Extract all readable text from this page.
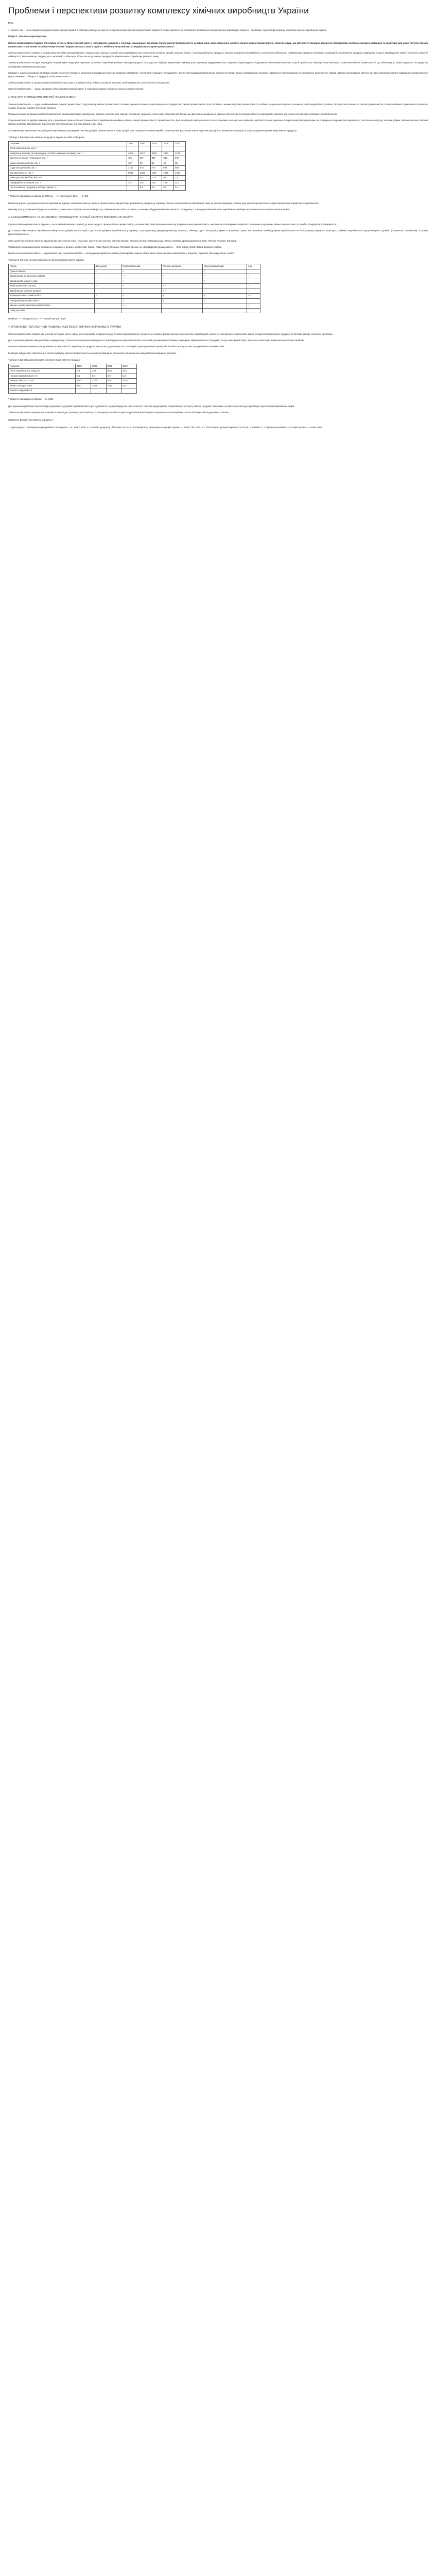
Проблеми і перспективи розвитку комплексу хімічних виробництв України

План

1. Сутність хім – та екз.Сировинна промисловість хімічної Україна 2. Фактори розміщення хімічної й Сировина база Хімічної промисловості України 3. Склад комплексу та особливості розміщення галузей хімічних виробництв України 4. Проблеми і перспективи розвитку комплексу хімічних виробництв України

Розділ 1. Загальна характеристика

Хімічна промисловість України. Об'єктивна сутність. Місце хімічної галузі у господарстві, значення у структурі національної економіки. Галузі хімічної промисловості: основна хімія, хімія органічного синтезу, гірничо-хімічна промисловість. Хімія як галузь, що забезпечує хімізацію народного господарства, постачає сировину, матеріали та продукцію для інших галузей. Хімічна промисловість має великі потреби в енергетичних і водних ресурсах, вона є однією з найбільш енергомістких та водомістких галузей промисловості.

Хімічна промисловість України в умовах ринку потребує реструктуризації і модернізації, оскільки сьогодні вона характеризується зношеністю основних фондів, високою енерго- і матеріаломісткістю продукції, низькою конкурентоспроможністю, екологічною небезпекою. Найважливіші завдання полягають у розширенні асортименту продукції, підвищенні її якості, впровадженні нових технологій, зниженні собівартості. Вирішення цих завдань дасть можливість збільшити обсяги експорту хімічної продукції та задовольнити потреби внутрішнього ринку.

Хімічна промисловість як одна з провідних галузей важкої індустрії є науковою, технічною і виробничою базою хімізації народного господарства і відіграє надзвичайно важливу роль у розвитку продуктивних сил, зміцненні обороноздатності держави й забезпеченні життєвих потреб суспільства. Хімізація тісно пов'язана з розвитком хімічної промисловості, що забезпечує усі галузі народного господарства необхідними хімічними матеріалами.

Хімізація є одним із головних напрямків науково-технічного прогресу, процесом впровадження хімічних продуктів, матеріалів і технологій у народне господарство з метою інтенсифікації виробництва, скорочення витрат праці й матеріальних ресурсів, підвищення якості продукції та розширення асортименту товарів. Широке застосування хімічних методів і матеріалів сприяє підвищенню продуктивності праці, зниженню собівартості продукції, поліпшенню її якості.

Хімічна промисловість у промисловому комплексі посідає одне з провідних місць. Рівень її розвитку визначає технічний прогрес у всіх галузях господарства.

Хімічна промисловість — одна з провідних галузей важкої промисловості. Її структура складна та включає кілька основних галузей.

2. ФАКТОРИ РОЗМІЩЕННЯ ХІМІЧНОЇ ПРОМИСЛОВОСТІ

Хімічна промисловість — одна з найважливіших галузей промисловості. Від розвитку хімічної промисловості залежить розвиток інших галузей народного господарства. Хімічна промисловість тісно пов'язана з іншими галузями промисловості, особливо з чорною металургією, паливною, нафтопереробною, газовою, лісовою, текстильною та легкою промисловістю. Розвиток хімічної промисловості визначає основні тенденції науково-технічного прогресу.

Розміщення хімічної промисловості обумовлюється такими факторами: сировинний, паливно-енергетичний, водний, споживчий, трудовий, екологічний, транспортний. Вплив цих факторів на розміщення окремих галузей хімічної промисловості неоднаковий і залежить від техніко-економічних особливостей виробництва.

Сировинний фактор відіграє важливу роль у розміщенні гірничо-хімічної промисловості, виробництва калійних добрив, содової промисловості, сірчаної кислоти. Для виробництв хімії органічного синтезу важливе значення має наявність нафтової і газової сировини. Енергетичний фактор впливає на розміщення енергомістких виробництв: синтетичного каучуку, азотних добрив, хімічних волокон. Водний фактор особливо важливий для виробництва хімічних волокон, азотних добрив, соди тощо.

Споживчий фактор впливає на розміщення виробництва фосфорних і азотних добрив, сірчаної кислоти, лаків і фарб, шин та гумово-технічних виробів. Транспортний фактор має вплив через високу вартість перевезень і складності транспортування деяких видів хімічної продукції.

Таблиця 1 Виробництво хімічної продукції в Україні за 1990–2010 роки

Показник	1990	2000	2005	2008	2010
Обсяг виробництва, млн. т					
Мінеральні добрива (в перерахунку на 100% поживних речовин), тис. т	4815	2017	2360	2350	2104
Синтетичні смоли і пластмаси, тис. т	781	267	330	381	279
Хімічні волокна і нитки, тис. т	157	40	54	42	35
Сода кальцинована, тис. т	1151	673	707	674	592
Сірчана кислота, тис. т	5021	1355	1697	1599	1448
Шини для автомобілів, млн. шт	12,7	9,3	11,9	9,5	7,8
Лакофарбові матеріали, тис. т	427	101	122	142	112
Частка хімічної продукції в експорті країни, %		5,8	6,3	5,9	5,4

* Статистичний щорічник України за 2010 рік. — К.: Консультант, 2011. — С. 102.

Вирішальну роль у розміщенні хімічних виробництв відіграє сировинний фактор. Хімічна промисловість використовує різноманітну мінеральну сировину. Значна частина хімічних виробництв тяжіє до джерел сировини і палива. Для хімічної промисловості характерна велика водомісткість виробництва.

Важливу роль у розміщенні підприємств хімічної промисловості відіграє екологічний фактор. Хімічна промисловість є одним з основних забруднювачів навколишнього середовища. Тому при розміщенні нових виробництв необхідно враховувати екологічну ситуацію в регіоні.

3. СКЛАД КОМПЛЕКСУ ТА ОСОБЛИВОСТІ РОЗМІЩЕННЯ ГАЛУЗЕЙ ХІМІЧНИХ ВИРОБНИЦТВ УКРАЇНИ

Сучасна хімічна промисловість України — це складний комплекс галузей, до якого входять: гірничо-хімічна промисловість, основна хімія, хімія органічного синтезу, фармацевтична промисловість, виробництво полімерних матеріалів. Основними осередками хімічної промисловості є Донбас, Придніпров'я, Прикарпаття.

До основної хімії належать виробництва мінеральних добрив, кислот, лугів, соди. Азотні добрива виробляються у Горлівці, Сєвєродонецьку, Дніпродзержинську, Черкасах, Рівному, Одесі. Фосфорні добрива — у Вінниці, Сумах, Костянтинівці. Калійні добрива виробляються на базі родовищ Прикарпаття (Калуш, Стебник). Виробництво соди розміщене в Донбасі (Слов'янськ, Лисичанськ) і в Криму (Красноперекопськ).

Хімія органічного синтезу включає виробництво синтетичних смол і пластмас, синтетичного каучуку, хімічних волокон. Основні центри: Сєвєродонецьк, Калуш, Горлівка, Дніпродзержинськ, Київ, Чернігів, Черкаси, Житомир.

Фармацевтична промисловість розміщена переважно у великих містах: Київ, Харків, Львів, Одеса, Луганськ, Житомир, Кременчук. Лакофарбова промисловість — Київ, Одеса, Львів, Харків, Дніпропетровськ.

Гумово-технічна промисловість — виробництво шин та гумових виробів — зосереджена в Дніпропетровську, Білій Церкві, Харкові, Одесі, Києві. Хімічні волокна виробляють у Черкасах, Чернігові, Житомирі, Києві, Сокалі.

Таблиця 2 Основні центри розміщення хімічної промисловості України

Галузь	Донецький	Придніпровський	Північно-західний	Причорноморський	Інші
Гірничо-хімічна	+	+		+	
Виробництво мінеральних добрив	+ +	+ +	+	+	+
Виробництво кислот і соди	+ +	+		+	
Хімія органічного синтезу	+ +	+	+ +		+
Виробництво хімічних волокон			+ +		+
Фармацевтична промисловість	+	+	+	+	+ +
Лакофарбова промисловість	+	+	+	+	
Шинна і гумово-технічна промисловість		+ +			+
Побутова хімія					

Примітка: + — підприємства, + + — основні центри галузі

4. ПРОБЛЕМИ І ПЕРСПЕКТИВИ РОЗВИТКУ КОМПЛЕКСУ ХІМІЧНИХ ВИРОБНИЦТВ УКРАЇНИ

Хімічна промисловість України має значний потенціал, проте наразі вона переживає складний період. Основні проблеми галузі: зношеність основних фондів, висока енергомісткість виробництва, залежність від імпорту енергоносіїв, низька конкурентоспроможність продукції на світових ринках, екологічні проблеми.

Для подолання кризових явищ необхідні: модернізація і технічне переоснащення підприємств; впровадження енергозберігаючих технологій; розширення асортименту продукції; підвищення якості продукції; пошук нових ринків збуту; залучення інвестицій; вирішення екологічних проблем.

Пріоритетними напрямами розвитку хімічної промисловості є виробництво продукції з високою доданою вартістю: полімерів, фармацевтичних препаратів, засобів захисту рослин, продуктів малотоннажної хімії.

Головним завданням є забезпечення сталого розвитку хімічної промисловості на основі інноваційних технологій і раціонального використання природних ресурсів.

Таблиця 3 Динаміка виробництва основних видів хімічної продукції

Показник	2000	2005	2008	2010
Обсяг виробництва, млрд грн	9,8	24,6	38,4	33,9
Частка в промисловості, %	6,1	5,7	5,9	5,2
Експорт, млн дол. США	1782	2745	4237	3125
Імпорт, млн дол. США	1941	4328	7512	6317
Кількість підприємств				

* Статистичний щорічник України. — К., 2011.

Для вирішення проблем галузі необхідна державна підтримка: податкові пільги для підприємств, що впроваджують нові технології, пільгове кредитування, стимулювання експорту хімічної продукції. Важливим є розвиток науково-дослідної бази, підготовка кваліфікованих кадрів.

Хімічна промисловість України має значний потенціал для розвитку. Реалізація цього потенціалу можлива за умов модернізації виробництва, впровадження інноваційних технологій і ефективної державної політики.

СПИСОК ВИКОРИСТАНИХ ДЖЕРЕЛ

1. Дорогунцов С.І. Розміщення продуктивних сил України. — К.: КНЕУ, 2000. 2. Economic geography of Ukraine / ed. by. 3. Заставний Ф.Д. Економічна географія України. — Львів: Світ, 2000. 4. Статистичний щорічник України за 2010 рік. 5. Шаблій О.І. Соціально-економічна географія України. — Львів, 2001.
